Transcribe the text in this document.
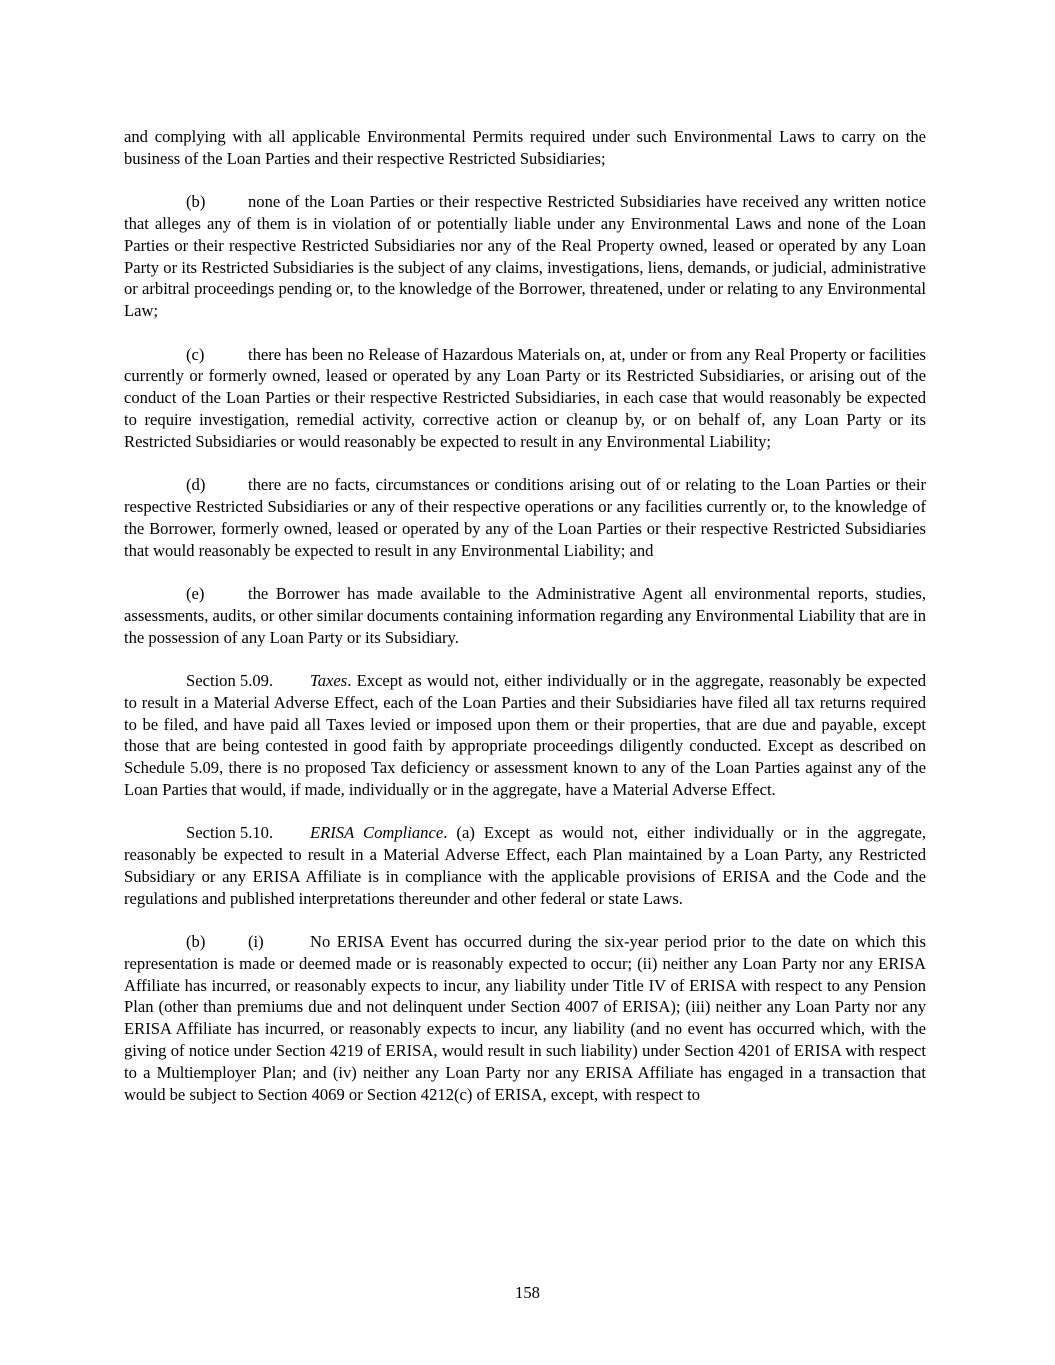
and complying with all applicable Environmental Permits required under such Environmental Laws to carry on the business of the Loan Parties and their respective Restricted Subsidiaries;

(b)	none of the Loan Parties or their respective Restricted Subsidiaries have received any written notice that alleges any of them is in violation of or potentially liable under any Environmental Laws and none of the Loan Parties or their respective Restricted Subsidiaries nor any of the Real Property owned, leased or operated by any Loan Party or its Restricted Subsidiaries is the subject of any claims, investigations, liens, demands, or judicial, administrative or arbitral proceedings pending or, to the knowledge of the Borrower, threatened, under or relating to any Environmental Law;

(c)	there has been no Release of Hazardous Materials on, at, under or from any Real Property or facilities currently or formerly owned, leased or operated by any Loan Party or its Restricted Subsidiaries, or arising out of the conduct of the Loan Parties or their respective Restricted Subsidiaries, in each case that would reasonably be expected to require investigation, remedial activity, corrective action or cleanup by, or on behalf of, any Loan Party or its Restricted Subsidiaries or would reasonably be expected to result in any Environmental Liability;

(d)	there are no facts, circumstances or conditions arising out of or relating to the Loan Parties or their respective Restricted Subsidiaries or any of their respective operations or any facilities currently or, to the knowledge of the Borrower, formerly owned, leased or operated by any of the Loan Parties or their respective Restricted Subsidiaries that would reasonably be expected to result in any Environmental Liability; and

(e)	the Borrower has made available to the Administrative Agent all environmental reports, studies, assessments, audits, or other similar documents containing information regarding any Environmental Liability that are in the possession of any Loan Party or its Subsidiary.

Section 5.09. Taxes. Except as would not, either individually or in the aggregate, reasonably be expected to result in a Material Adverse Effect, each of the Loan Parties and their Subsidiaries have filed all tax returns required to be filed, and have paid all Taxes levied or imposed upon them or their properties, that are due and payable, except those that are being contested in good faith by appropriate proceedings diligently conducted. Except as described on Schedule 5.09, there is no proposed Tax deficiency or assessment known to any of the Loan Parties against any of the Loan Parties that would, if made, individually or in the aggregate, have a Material Adverse Effect.

Section 5.10. ERISA Compliance. (a) Except as would not, either individually or in the aggregate, reasonably be expected to result in a Material Adverse Effect, each Plan maintained by a Loan Party, any Restricted Subsidiary or any ERISA Affiliate is in compliance with the applicable provisions of ERISA and the Code and the regulations and published interpretations thereunder and other federal or state Laws.

(b)	(i)	No ERISA Event has occurred during the six-year period prior to the date on which this representation is made or deemed made or is reasonably expected to occur; (ii) neither any Loan Party nor any ERISA Affiliate has incurred, or reasonably expects to incur, any liability under Title IV of ERISA with respect to any Pension Plan (other than premiums due and not delinquent under Section 4007 of ERISA); (iii) neither any Loan Party nor any ERISA Affiliate has incurred, or reasonably expects to incur, any liability (and no event has occurred which, with the giving of notice under Section 4219 of ERISA, would result in such liability) under Section 4201 of ERISA with respect to a Multiemployer Plan; and (iv) neither any Loan Party nor any ERISA Affiliate has engaged in a transaction that would be subject to Section 4069 or Section 4212(c) of ERISA, except, with respect to

158
